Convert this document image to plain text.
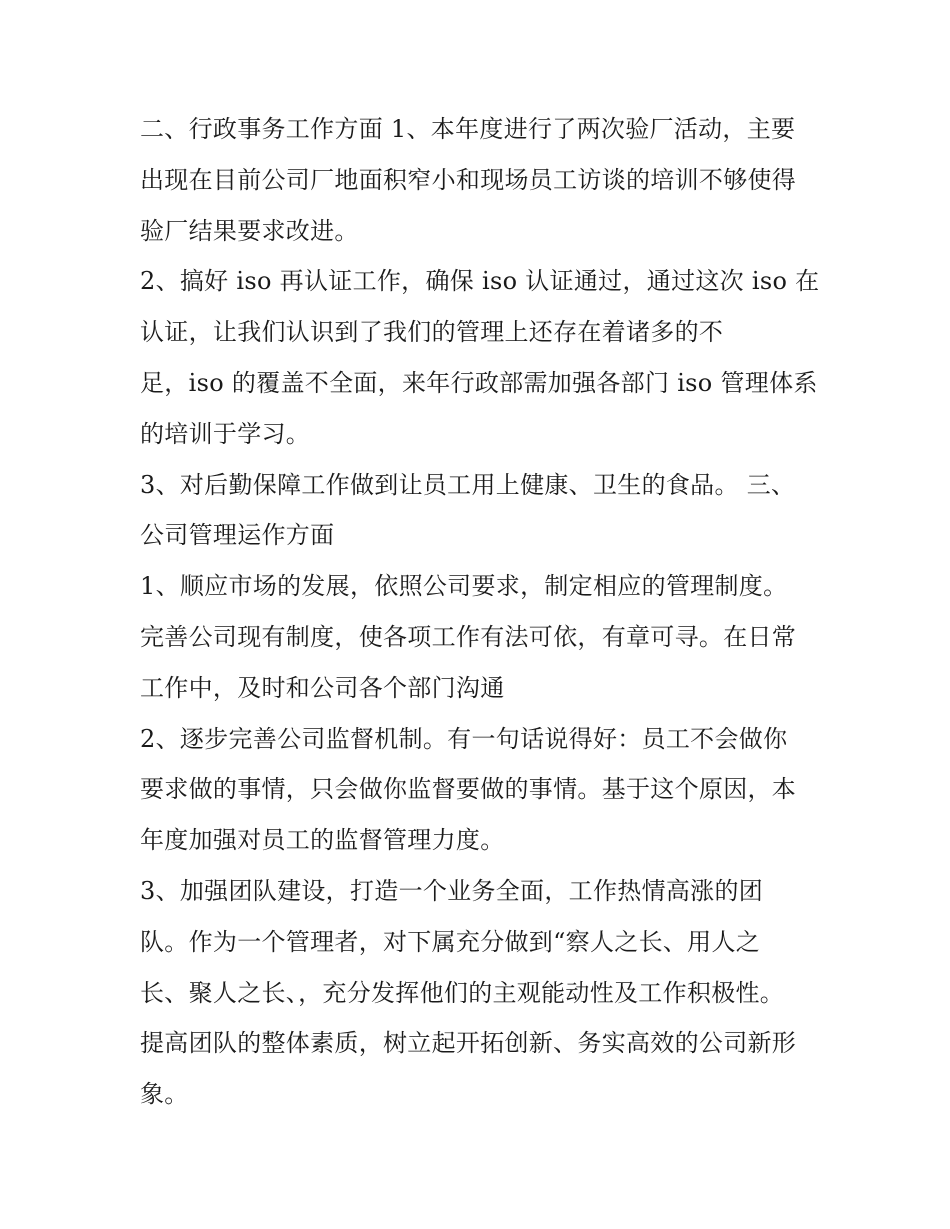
二、行政事务工作方面 1、本年度进行了两次验厂活动，主要
出现在目前公司厂地面积窄小和现场员工访谈的培训不够使得
验厂结果要求改进。
2、搞好 iso 再认证工作，确保 iso 认证通过，通过这次 iso 在
认证，让我们认识到了我们的管理上还存在着诸多的不
足，iso 的覆盖不全面，来年行政部需加强各部门 iso 管理体系
的培训于学习。
3、对后勤保障工作做到让员工用上健康、卫生的食品。 三、
公司管理运作方面
1、顺应市场的发展，依照公司要求，制定相应的管理制度。
完善公司现有制度，使各项工作有法可依，有章可寻。在日常
工作中，及时和公司各个部门沟通
2、逐步完善公司监督机制。有一句话说得好：员工不会做你
要求做的事情，只会做你监督要做的事情。基于这个原因，本
年度加强对员工的监督管理力度。
3、加强团队建设，打造一个业务全面，工作热情高涨的团
队。作为一个管理者，对下属充分做到“察人之长、用人之
长、聚人之长、，充分发挥他们的主观能动性及工作积极性。
提高团队的整体素质，树立起开拓创新、务实高效的公司新形
象。
